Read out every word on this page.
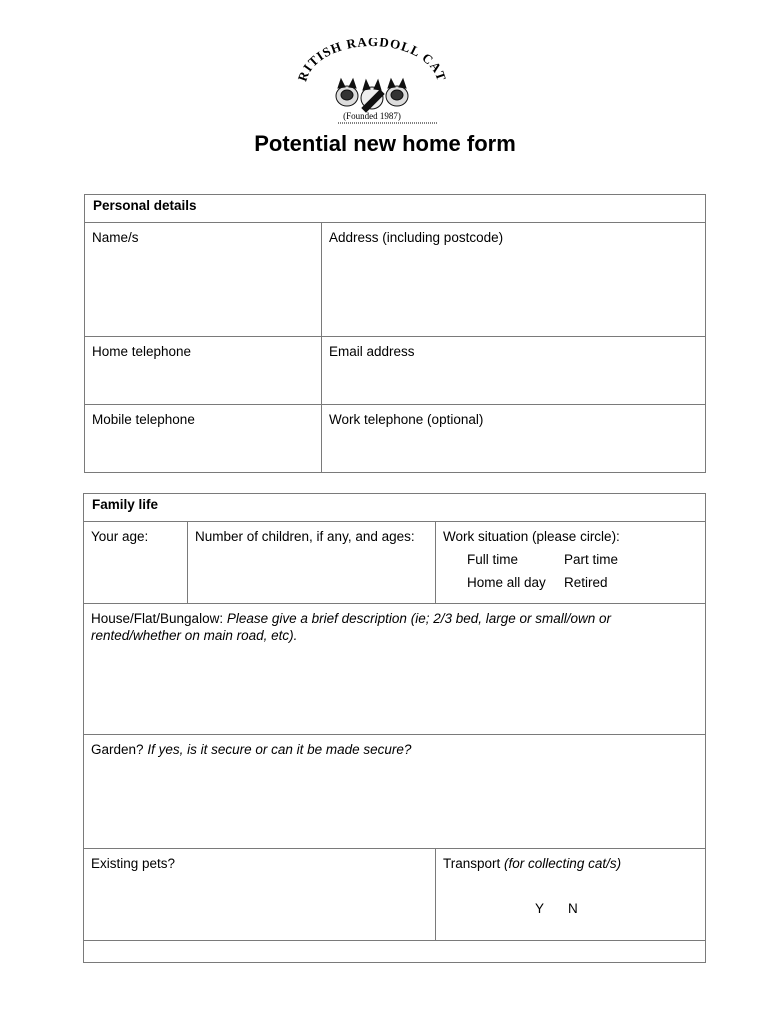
RITISH RAGDOLL CAT
(Founded 1987)
Potential new home form
Personal details	
Name/s	Address (including postcode)
Home telephone	Email address
Mobile telephone	Work telephone (optional)
Family life		
Your age:	Number of children, if any, and ages:	Work situation (please circle):
Full time Part time
Home all day Retired

House/Flat/Bungalow: Please give a brief description (ie; 2/3 bed, large or small/own or rented/whether on main road, etc).		
Garden? If yes, is it secure or can it be made secure?		
Existing pets?		Transport (for collecting cat/s)
Y N
